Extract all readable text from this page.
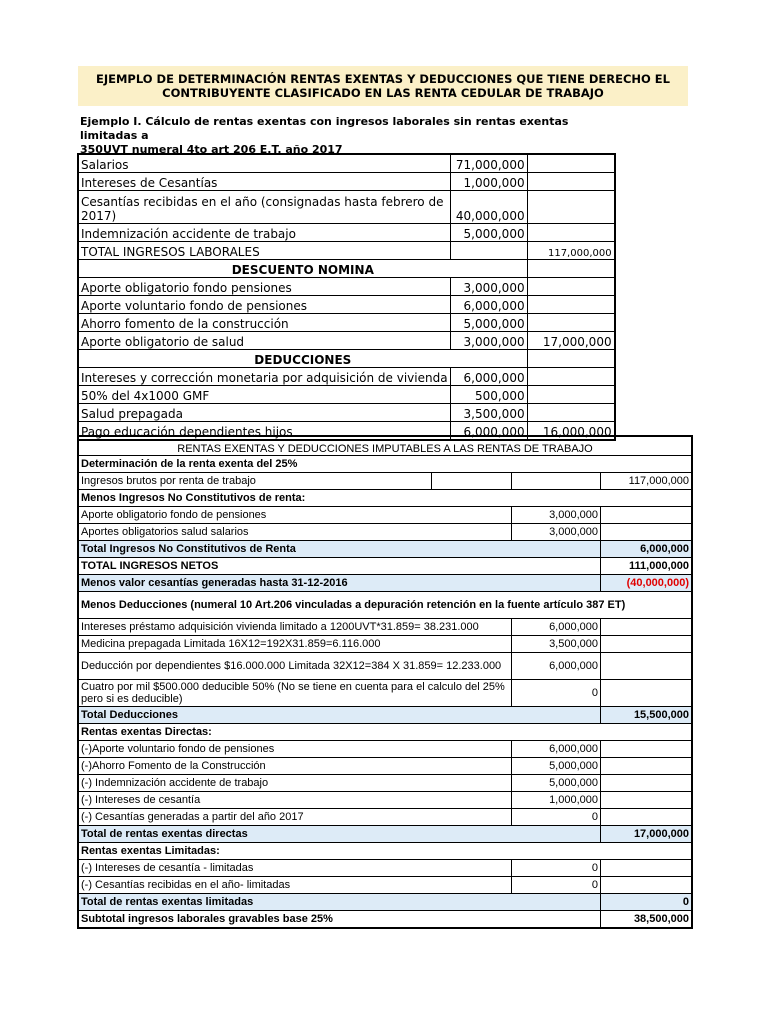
EJEMPLO DE DETERMINACIÓN RENTAS EXENTAS Y DEDUCCIONES QUE TIENE DERECHO EL
CONTRIBUYENTE CLASIFICADO EN LAS RENTA CEDULAR DE TRABAJO
Ejemplo I. Cálculo de rentas exentas con ingresos laborales sin rentas exentas limitadas a
350UVT numeral 4to art 206 E.T. año 2017
Salarios	71,000,000	
Intereses de Cesantías	1,000,000	
Cesantías recibidas en el año (consignadas hasta febrero de 2017)	40,000,000	
Indemnización accidente de trabajo	5,000,000	
TOTAL INGRESOS LABORALES		117,000,000
DESCUENTO NOMINA		
Aporte obligatorio fondo pensiones	3,000,000	
Aporte voluntario fondo de pensiones	6,000,000	
Ahorro fomento de la construcción	5,000,000	
Aporte obligatorio de salud	3,000,000	17,000,000
DEDUCCIONES		
Intereses y corrección monetaria por adquisición de vivienda	6,000,000	
50% del 4x1000 GMF	500,000	
Salud prepagada	3,500,000	
Pago educación dependientes hijos	6,000,000	16,000,000
RENTAS EXENTAS Y DEDUCCIONES IMPUTABLES A LAS RENTAS DE TRABAJO			
Determinación de la renta exenta del 25%			
Ingresos brutos por renta de trabajo			117,000,000
Menos Ingresos No Constitutivos de renta:			
Aporte obligatorio fondo de pensiones		3,000,000	
Aportes obligatorios salud salarios		3,000,000	
Total Ingresos No Constitutivos de Renta			6,000,000
TOTAL INGRESOS NETOS			111,000,000
Menos valor cesantías generadas hasta 31-12-2016			(40,000,000)
Menos Deducciones (numeral 10 Art.206 vinculadas a depuración retención en la fuente artículo 387 ET)			
Intereses préstamo adquisición vivienda limitado a 1200UVT*31.859= 38.231.000		6,000,000	
Medicina prepagada Limitada 16X12=192X31.859=6.116.000		3,500,000	
Deducción por dependientes $16.000.000 Limitada 32X12=384 X 31.859= 12.233.000		6,000,000	
Cuatro por mil $500.000 deducible 50% (No se tiene en cuenta para el calculo del 25% pero si es deducible)		0	
Total Deducciones			15,500,000
Rentas exentas Directas:			
(-)Aporte voluntario fondo de pensiones		6,000,000	
(-)Ahorro Fomento de la Construcción		5,000,000	
(-) Indemnización accidente de trabajo		5,000,000	
(-) Intereses de cesantía		1,000,000	
(-) Cesantías generadas a partir del año 2017		0	
Total de rentas exentas directas			17,000,000
Rentas exentas Limitadas:			
(-) Intereses de cesantía - limitadas		0	
(-) Cesantías recibidas en el año- limitadas		0	
Total de rentas exentas limitadas			0
Subtotal ingresos laborales gravables base 25%			38,500,000
